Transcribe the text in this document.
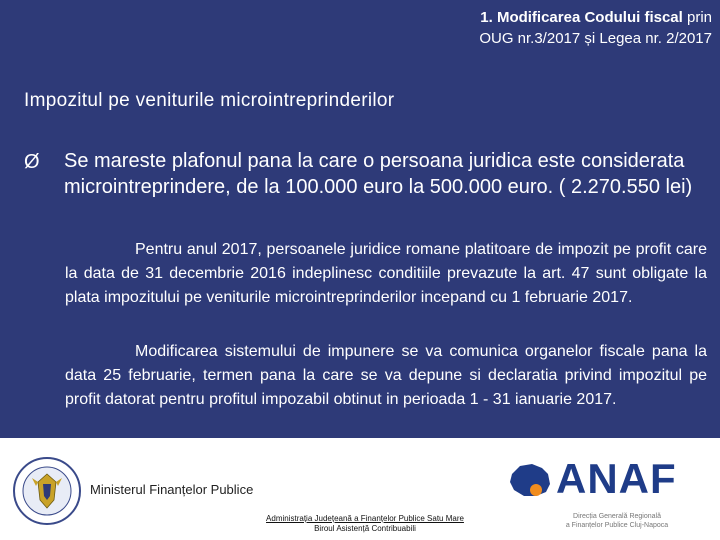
1. Modificarea Codului fiscal prin
OUG nr.3/2017 și Legea nr. 2/2017
Impozitul pe veniturile microintreprinderilor
Ø Se mareste plafonul pana la care o persoana juridica este considerata microintreprindere, de la 100.000 euro la 500.000 euro. ( 2.270.550 lei)
Pentru anul 2017, persoanele juridice romane platitoare de impozit pe profit care la data de 31 decembrie 2016 indeplinesc conditiile prevazute la art. 47 sunt obligate la plata impozitului pe veniturile microintreprinderilor incepand cu 1 februarie 2017.
Modificarea sistemului de impunere se va comunica organelor fiscale pana la data 25 februarie, termen pana la care se va depune si declaratia privind impozitul pe profit datorat pentru profitul impozabil obtinut in perioada 1 - 31 ianuarie 2017.
Ministerul Finanțelor Publice
Administrația Județeană a Finanțelor Publice Satu Mare
Biroul Asistență Contribuabili
ANAF
Direcția Generală Regională
a Finanțelor Publice Cluj-Napoca
